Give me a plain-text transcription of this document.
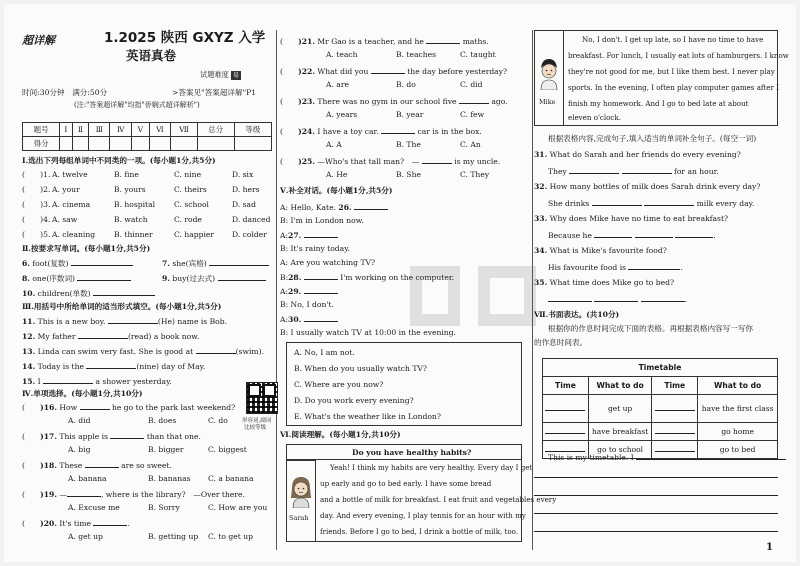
超详解	1.2025 陕西 GXYZ 入学
英语真卷
试题难度 易
时间:30分钟　满分:50分	>答案见"答案超详解"P1
(注:"答案超详解"均指"侨娴式超详解析")
题号	Ⅰ	Ⅱ	Ⅲ	Ⅳ	Ⅴ	Ⅵ	Ⅶ	总分	等级
得分									
Ⅰ.选出下列每组单词中不同类的一项。(每小题1分,共5分)
(　　)1. A. twelve	B. fine	C. nine	D. six
(　　)2. A. your	B. yours	C. theirs	D. hers
(　　)3. A. cinema	B. hospital C. school	D. sad
(　　)4. A. saw	B. watch	C. rode	D. danced
(　　)5. A. cleaning B. thinner	C. happier D. colder
Ⅱ.按要求写单词。(每小题1分,共5分)
6. foot(复数)	7. she(宾格)
8. one(序数词)	9. buy(过去式)
10. children(单数)
Ⅲ.用括号中所给单词的适当形式填空。(每小题1分,共5分)
11. This is a new boy.	(He) name is Bob.
12. My father	(read) a book now.
13. Linda can swim very fast. She is good at	(swim).
14. Today is the	(nine) day of May.
15. I	a shower yesterday.
Ⅳ.单项选择。(每小题1分,共10分)
形容词,副词
比较等级
(　　)16. How	he go to the park last weekend?
A. did	B. does	C. do
(　　)17. This apple is	than that one.
A. big	B. bigger	C. biggest
(　　)18. These	are so sweet.
A. banana	B. bananas C. a banana
(　　)19. —	, where is the library?　—Over there.
A. Excuse me	B. Sorry	C. How are you
(　　)20. It's time	.
A. get up	B. getting up C. to get up
(　　)21. Mr Gao is a teacher, and he	maths.
A. teach	B. teaches	C. taught
(　　)22. What did you	the day before yesterday?
A. are	B. do	C. did
(　　)23. There was no gym in our school five	ago.
A. years	B. year	C. few
(　　)24. I have a toy car.	car is in the box.
A. A	B. The	C. An
(　　)25. —Who's that tall man?　—	is my uncle.
A. He	B. She	C. They
Ⅴ.补全对话。(每小题1分,共5分)
A: Hello, Kate. 26.
B: I'm in London now.
A:27.
B: It's rainy today.
A: Are you watching TV?
B:28.	I'm working on the computer.
A:29.
B: No, I don't.
A:30.
B: I usually watch TV at 10:00 in the evening.
A. No, I am not.
B. When do you usually watch TV?
C. Where are you now?
D. Do you work every evening?
E. What's the weather like in London?
Ⅵ.阅读理解。(每小题1分,共10分)
Do you have healthy habits?
Sarah
Yeah! I think my habits are very healthy. Every day I get
up early and go to bed early. I have some bread
and a bottle of milk for breakfast. I eat fruit and vegetables every
day. And every evening, I play tennis for an hour with my
friends. Before I go to bed, I drink a bottle of milk, too.
Mike
No, I don't. I get up late, so I have no time to have
breakfast. For lunch, I usually eat lots of hamburgers. I know
they're not good for me, but I like them best. I never play
sports. In the evening, I often play computer games after I
finish my homework. And I go to bed late at about
eleven o'clock.
根据表格内容,完成句子,填入适当的单词补全句子。(每空一词)
31. What do Sarah and her friends do every evening?
They	for an hour.
32. How many bottles of milk does Sarah drink every day?
She drinks	milk every day.
33. Why does Mike have no time to eat breakfast?
Because he	.
34. What is Mike's favourite food?
His favourite food is	.
35. What time does Mike go to bed?
.
Ⅶ.书面表达。(共10分)
根据你的作息时间完成下面的表格。再根据表格内容写一写你
的作息时间表。
Timetable			
Time	What to do	Time	What to do
	get up		have the first class
	have breakfast		go home
	go to school		go to bed
This is my timetable. I
1
